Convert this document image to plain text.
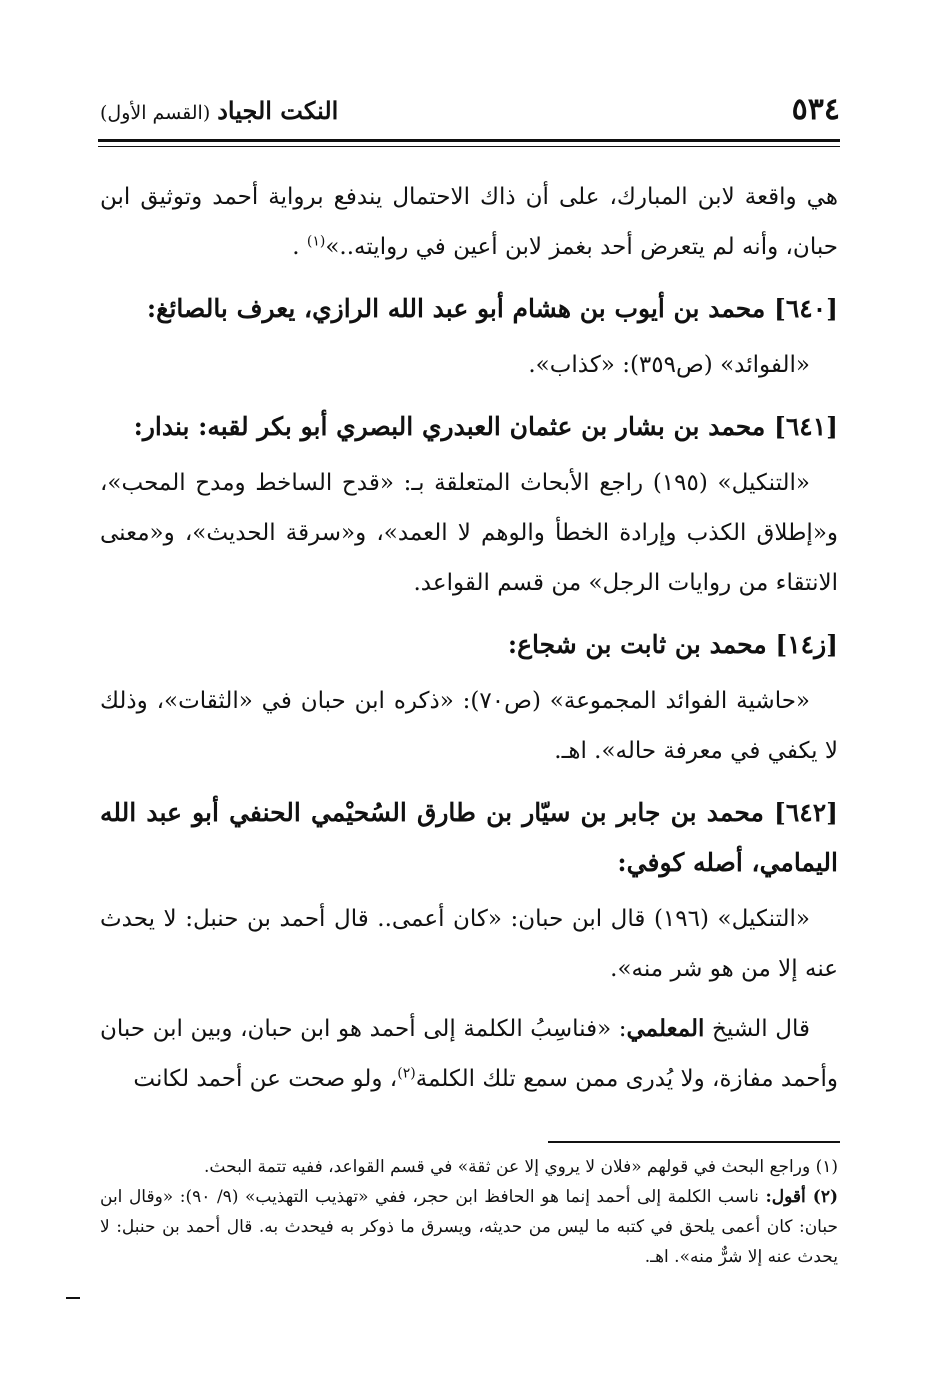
٥٣٤
النكت الجياد (القسم الأول)

هي واقعة لابن المبارك، على أن ذاك الاحتمال يندفع برواية أحمد وتوثيق ابن حبان، وأنه لم يتعرض أحد بغمز لابن أعين في روايته..»$^{(١)}$ .

[٦٤٠] محمد بن أيوب بن هشام أبو عبد الله الرازي، يعرف بالصائغ:

«الفوائد» (ص٣٥٩): «كذاب».

[٦٤١] محمد بن بشار بن عثمان العبدري البصري أبو بكر لقبه: بندار:

«التنكيل» (١٩٥) راجع الأبحاث المتعلقة بـ: «قدح الساخط ومدح المحب»، و«إطلاق الكذب وإرادة الخطأ والوهم لا العمد»، و«سرقة الحديث»، و«معنى الانتقاء من روايات الرجل» من قسم القواعد.

[ز١٤] محمد بن ثابت بن شجاع:

«حاشية الفوائد المجموعة» (ص٧٠): «ذكره ابن حبان في «الثقات»، وذلك لا يكفي في معرفة حاله». اهـ.

[٦٤٢] محمد بن جابر بن سيّار بن طارق السُحيْمي الحنفي أبو عبد الله اليمامي، أصله كوفي:

«التنكيل» (١٩٦) قال ابن حبان: «كان أعمى.. قال أحمد بن حنبل: لا يحدث عنه إلا من هو شر منه».

قال الشيخ المعلمي: «فناسِبُ الكلمة إلى أحمد هو ابن حبان، وبين ابن حبان وأحمد مفازة، ولا يُدرى ممن سمع تلك الكلمة$^{(٢)}$، ولو صحت عن أحمد لكانت

(١) وراجع البحث في قولهم «فلان لا يروي إلا عن ثقة» في قسم القواعد، ففيه تتمة البحث.

(٢) أقول: ناسب الكلمة إلى أحمد إنما هو الحافظ ابن حجر، ففي «تهذيب التهذيب» (٩/ ٩٠): «وقال ابن حبان: كان أعمى يلحق في كتبه ما ليس من حديثه، ويسرق ما ذوكر به فيحدث به. قال أحمد بن حنبل: لا يحدث عنه إلا شرٌّ منه». اهـ.
